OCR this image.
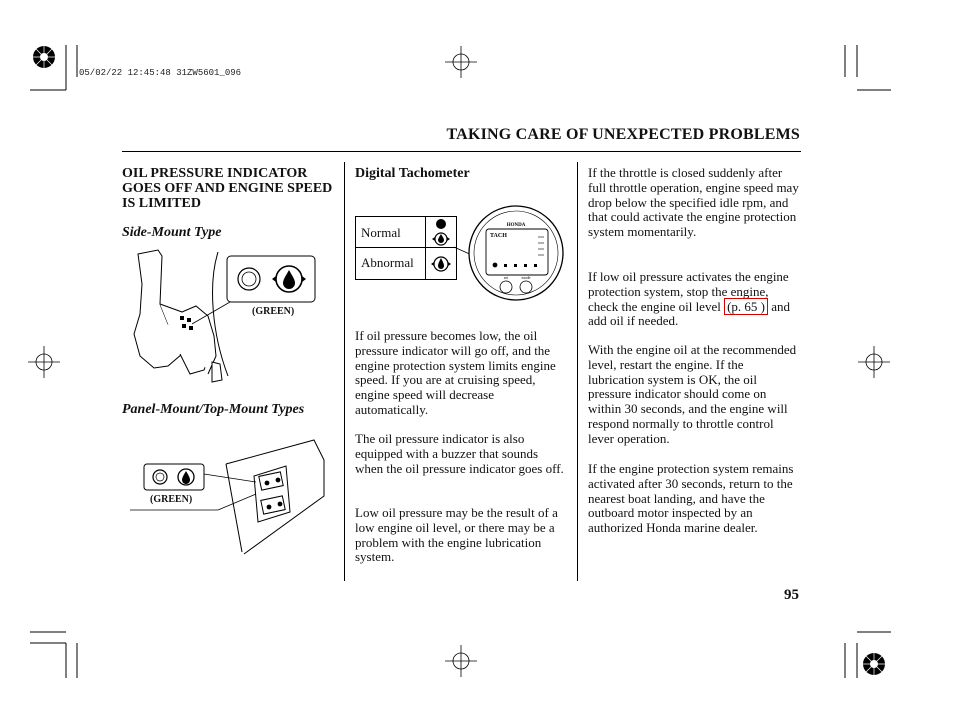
05/02/22 12:45:48 31ZW5601_096
TAKING CARE OF UNEXPECTED PROBLEMS
OIL PRESSURE INDICATOR GOES OFF AND ENGINE SPEED IS LIMITED
Side-Mount Type
(GREEN)
Panel-Mount/Top-Mount Types
(GREEN)
Digital Tachometer
Normal
Abnormal
HONDA
TACH
set	mode
If oil pressure becomes low, the oil pressure indicator will go off, and the engine protection system limits engine speed. If you are at cruising speed, engine speed will decrease automatically.
The oil pressure indicator is also equipped with a buzzer that sounds when the oil pressure indicator goes off.
Low oil pressure may be the result of a low engine oil level, or there may be a problem with the engine lubrication system.
If the throttle is closed suddenly after full throttle operation, engine speed may drop below the specified idle rpm, and that could activate the engine protection system momentarily.
If low oil pressure activates the engine protection system, stop the engine, check the engine oil level (p. 65 ) and add oil if needed.
With the engine oil at the recommended level, restart the engine. If the lubrication system is OK, the oil pressure indicator should come on within 30 seconds, and the engine will respond normally to throttle control lever operation.
If the engine protection system remains activated after 30 seconds, return to the nearest boat landing, and have the outboard motor inspected by an authorized Honda marine dealer.
95
